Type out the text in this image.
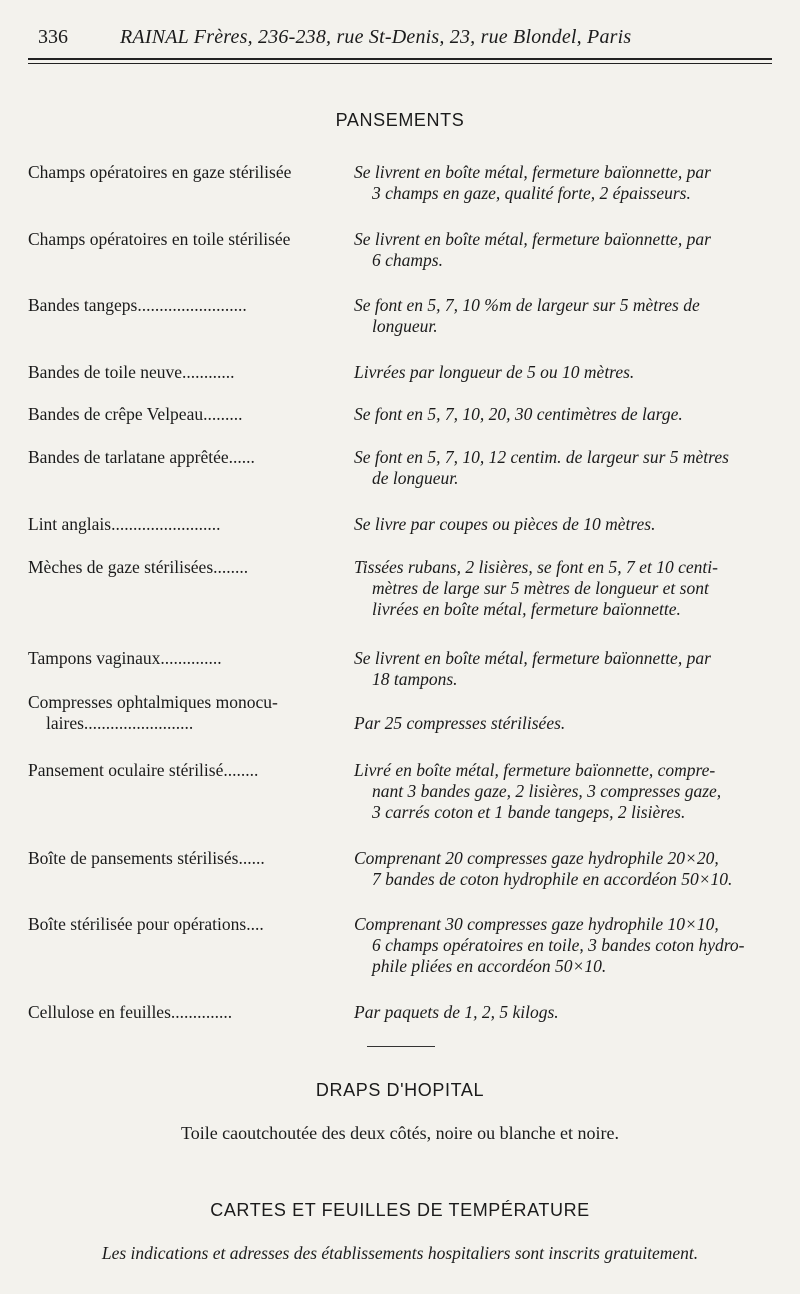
336	RAINAL Frères, 236-238, rue St-Denis, 23, rue Blondel, Paris
PANSEMENTS
Champs opératoires en gaze stérilisée	Se livrent en boîte métal, fermeture baïonnette, par
3 champs en gaze, qualité forte, 2 épaisseurs.
Champs opératoires en toile stérilisée	Se livrent en boîte métal, fermeture baïonnette, par
6 champs.
Bandes tangeps.........................	Se font en 5, 7, 10 %m de largeur sur 5 mètres de
longueur.
Bandes de toile neuve............	Livrées par longueur de 5 ou 10 mètres.
Bandes de crêpe Velpeau.........	Se font en 5, 7, 10, 20, 30 centimètres de large.
Bandes de tarlatane apprêtée......	Se font en 5, 7, 10, 12 centim. de largeur sur 5 mètres
de longueur.
Lint anglais.........................	Se livre par coupes ou pièces de 10 mètres.
Mèches de gaze stérilisées........	Tissées rubans, 2 lisières, se font en 5, 7 et 10 centi-
mètres de large sur 5 mètres de longueur et sont
livrées en boîte métal, fermeture baïonnette.
Tampons vaginaux..............	Se livrent en boîte métal, fermeture baïonnette, par
18 tampons.
Compresses ophtalmiques monocu-
laires.........................	Par 25 compresses stérilisées.
Pansement oculaire stérilisé........	Livré en boîte métal, fermeture baïonnette, compre-
nant 3 bandes gaze, 2 lisières, 3 compresses gaze,
3 carrés coton et 1 bande tangeps, 2 lisières.
Boîte de pansements stérilisés......	Comprenant 20 compresses gaze hydrophile 20×20,
7 bandes de coton hydrophile en accordéon 50×10.
Boîte stérilisée pour opérations....	Comprenant 30 compresses gaze hydrophile 10×10,
6 champs opératoires en toile, 3 bandes coton hydro-
phile pliées en accordéon 50×10.
Cellulose en feuilles..............	Par paquets de 1, 2, 5 kilogs.
DRAPS D'HOPITAL
Toile caoutchoutée des deux côtés, noire ou blanche et noire.
CARTES ET FEUILLES DE TEMPÉRATURE
Les indications et adresses des établissements hospitaliers sont inscrits gratuitement.
